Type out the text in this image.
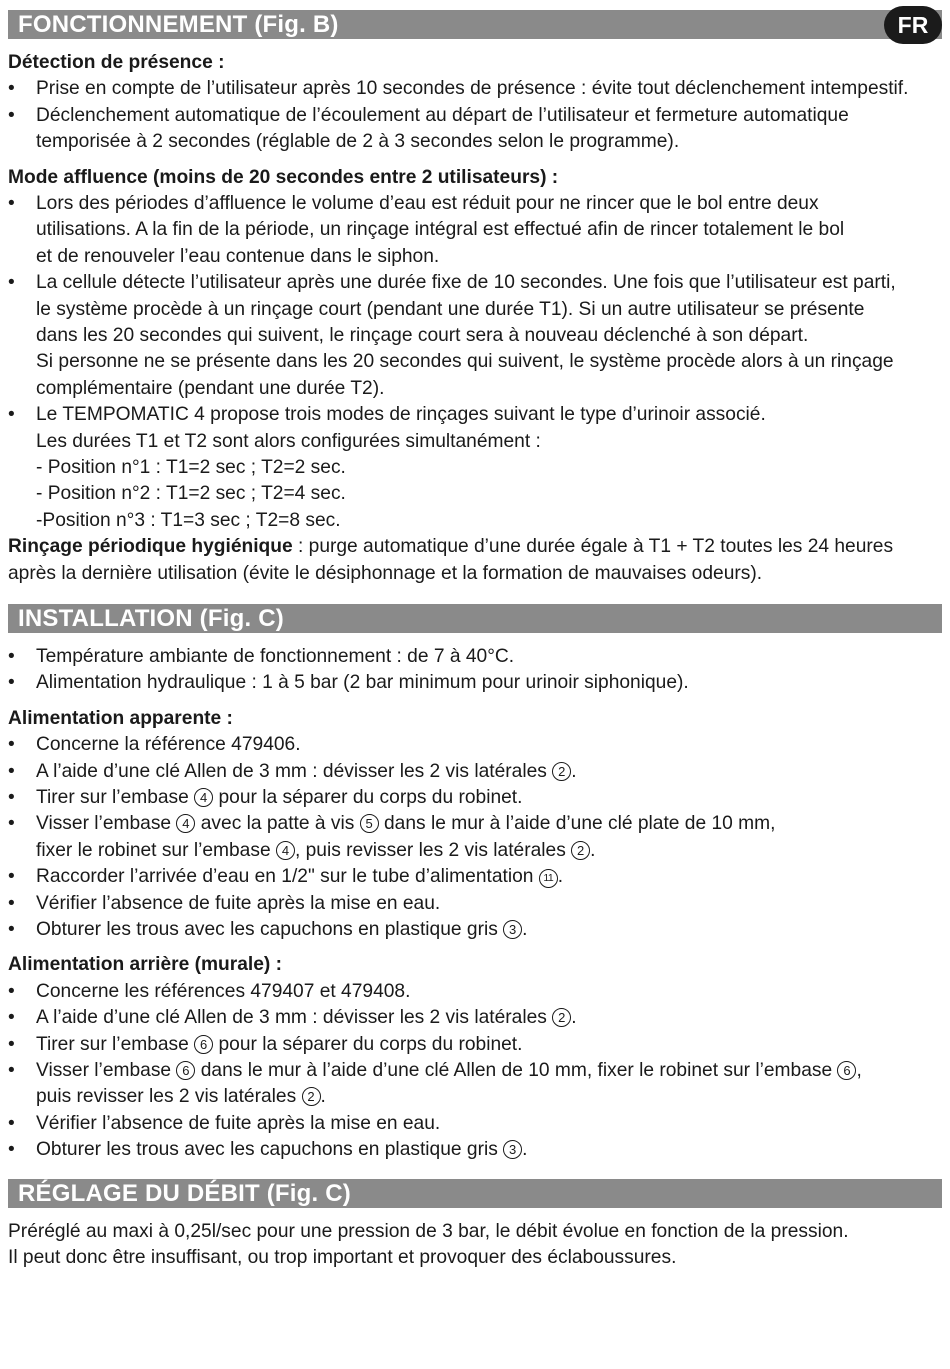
FONCTIONNEMENT (Fig. B)	FR
Détection de présence :
•	Prise en compte de l’utilisateur après 10 secondes de présence : évite tout déclenchement intempestif.
•	Déclenchement automatique de l’écoulement au départ de l’utilisateur et fermeture automatique
temporisée à 2 secondes (réglable de 2 à 3 secondes selon le programme).
Mode affluence (moins de 20 secondes entre 2 utilisateurs) :
•	Lors des périodes d’affluence le volume d’eau est réduit pour ne rincer que le bol entre deux
utilisations. A la fin de la période, un rinçage intégral est effectué afin de rincer totalement le bol
et de renouveler l’eau contenue dans le siphon.
•	La cellule détecte l’utilisateur après une durée fixe de 10 secondes. Une fois que l’utilisateur est parti,
le système procède à un rinçage court (pendant une durée T1). Si un autre utilisateur se présente
dans les 20 secondes qui suivent, le rinçage court sera à nouveau déclenché à son départ.
Si personne ne se présente dans les 20 secondes qui suivent, le système procède alors à un rinçage
complémentaire (pendant une durée T2).
•	Le TEMPOMATIC 4 propose trois modes de rinçages suivant le type d’urinoir associé.
Les durées T1 et T2 sont alors configurées simultanément :
- Position n°1 : T1=2 sec ; T2=2 sec.
- Position n°2 : T1=2 sec ; T2=4 sec.
-Position n°3 : T1=3 sec ; T2=8 sec.
Rinçage périodique hygiénique : purge automatique d’une durée égale à T1 + T2 toutes les 24 heures
après la dernière utilisation (évite le désiphonnage et la formation de mauvaises odeurs).
INSTALLATION (Fig. C)
•	Température ambiante de fonctionnement : de 7 à 40°C.
•	Alimentation hydraulique : 1 à 5 bar (2 bar minimum pour urinoir siphonique).
Alimentation apparente :
•	Concerne la référence 479406.
•	A l’aide d’une clé Allen de 3 mm : dévisser les 2 vis latérales 2 .
•	Tirer sur l’embase 4 pour la séparer du corps du robinet.
•	Visser l’embase 4 avec la patte à vis 5 dans le mur à l’aide d’une clé plate de 10 mm,
fixer le robinet sur l’embase 4 , puis revisser les 2 vis latérales 2 .
•	Raccorder l’arrivée d’eau en 1/2" sur le tube d’alimentation 11 .
•	Vérifier l’absence de fuite après la mise en eau.
•	Obturer les trous avec les capuchons en plastique gris 3 .
Alimentation arrière (murale) :
•	Concerne les références 479407 et 479408.
•	A l’aide d’une clé Allen de 3 mm : dévisser les 2 vis latérales 2 .
•	Tirer sur l’embase 6 pour la séparer du corps du robinet.
•	Visser l’embase 6 dans le mur à l’aide d’une clé Allen de 10 mm, fixer le robinet sur l’embase 6 ,
puis revisser les 2 vis latérales 2 .
•	Vérifier l’absence de fuite après la mise en eau.
•	Obturer les trous avec les capuchons en plastique gris 3 .
RÉGLAGE DU DÉBIT (Fig. C)

Préréglé au maxi à 0,25l/sec pour une pression de 3 bar, le débit évolue en fonction de la pression.

Il peut donc être insuffisant, ou trop important et provoquer des éclaboussures.
